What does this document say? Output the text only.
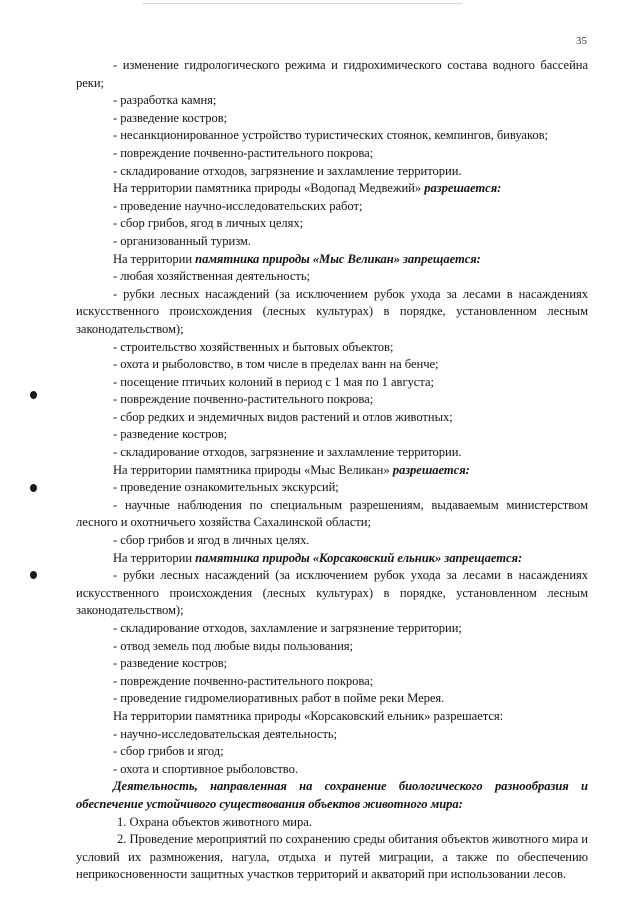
35

- изменение гидрологического режима и гидрохимического состава водного бассейна реки;

- разработка камня;

- разведение костров;

- несанкционированное устройство туристических стоянок, кемпингов, бивуаков;

- повреждение почвенно-растительного покрова;

- складирование отходов, загрязнение и захламление территории.

На территории памятника природы «Водопад Медвежий» разрешается:

- проведение научно-исследовательских работ;

- сбор грибов, ягод в личных целях;

- организованный туризм.

На территории памятника природы «Мыс Великан» запрещается:

- любая хозяйственная деятельность;

- рубки лесных насаждений (за исключением рубок ухода за лесами в насаждениях искусственного происхождения (лесных культурах) в порядке, установленном лесным законодательством);

- строительство хозяйственных и бытовых объектов;

- охота и рыболовство, в том числе в пределах ванн на бенче;

- посещение птичьих колоний в период с 1 мая по 1 августа;

- повреждение почвенно-растительного покрова;

- сбор редких и эндемичных видов растений и отлов животных;

- разведение костров;

- складирование отходов, загрязнение и захламление территории.

На территории памятника природы «Мыс Великан» разрешается:

- проведение ознакомительных экскурсий;

- научные наблюдения по специальным разрешениям, выдаваемым министерством лесного и охотничьего хозяйства Сахалинской области;

- сбор грибов и ягод в личных целях.

На территории памятника природы «Корсаковский ельник» запрещается:

- рубки лесных насаждений (за исключением рубок ухода за лесами в насаждениях искусственного происхождения (лесных культурах) в порядке, установленном лесным законодательством);

- складирование отходов, захламление и загрязнение территории;

- отвод земель под любые виды пользования;

- разведение костров;

- повреждение почвенно-растительного покрова;

- проведение гидромелиоративных работ в пойме реки Мерея.

На территории памятника природы «Корсаковский ельник» разрешается:

- научно-исследовательская деятельность;

- сбор грибов и ягод;

- охота и спортивное рыболовство.

Деятельность, направленная на сохранение биологического разнообразия и обеспечение устойчивого существования объектов животного мира:

1. Охрана объектов животного мира.

2. Проведение мероприятий по сохранению среды обитания объектов животного мира и условий их размножения, нагула, отдыха и путей миграции, а также по обеспечению неприкосновенности защитных участков территорий и акваторий при использовании лесов.
